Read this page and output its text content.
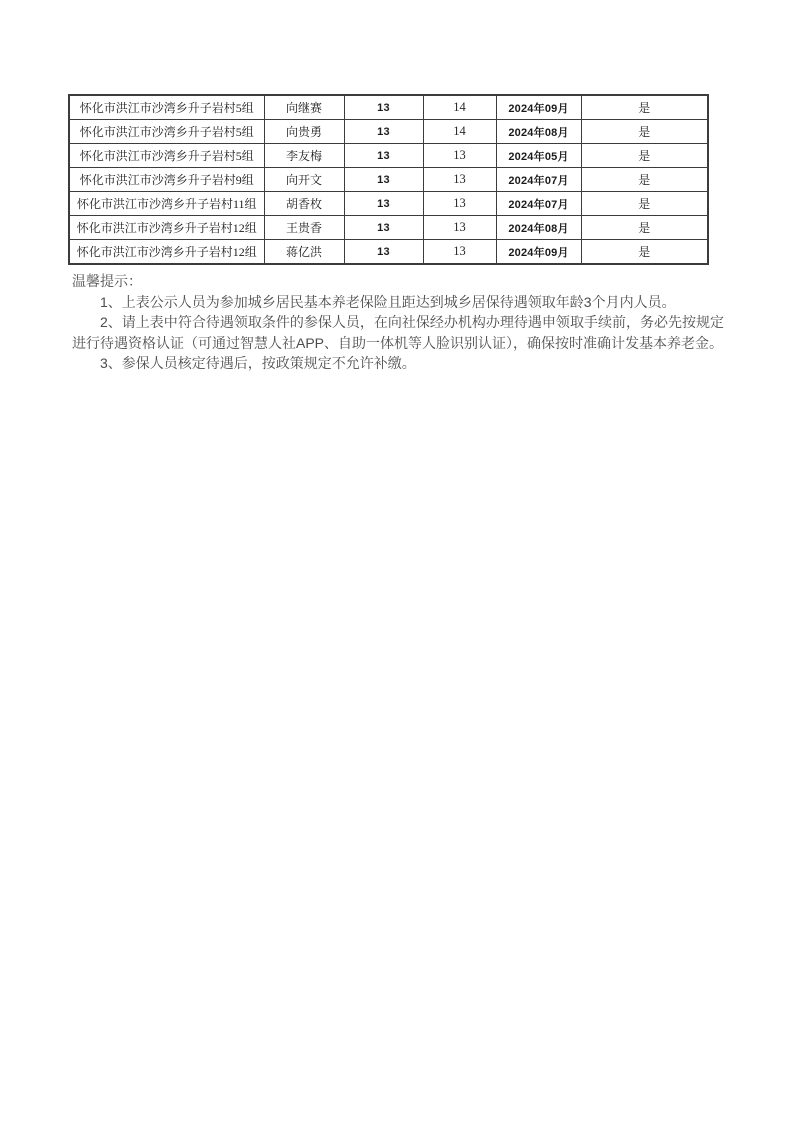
怀化市洪江市沙湾乡升子岩村5组	向继赛	13	14	2024年09月	是
怀化市洪江市沙湾乡升子岩村5组	向贵勇	13	14	2024年08月	是
怀化市洪江市沙湾乡升子岩村5组	李友梅	13	13	2024年05月	是
怀化市洪江市沙湾乡升子岩村9组	向开文	13	13	2024年07月	是
怀化市洪江市沙湾乡升子岩村11组	胡香枚	13	13	2024年07月	是
怀化市洪江市沙湾乡升子岩村12组	王贵香	13	13	2024年08月	是
怀化市洪江市沙湾乡升子岩村12组	蒋亿洪	13	13	2024年09月	是

温馨提示：

1、上表公示人员为参加城乡居民基本养老保险且距达到城乡居保待遇领取年龄3个月内人员。

2、请上表中符合待遇领取条件的参保人员，在向社保经办机构办理待遇申领取手续前，务必先按规定进行待遇资格认证（可通过智慧人社APP、自助一体机等人脸识别认证），确保按时准确计发基本养老金。

3、参保人员核定待遇后，按政策规定不允许补缴。
